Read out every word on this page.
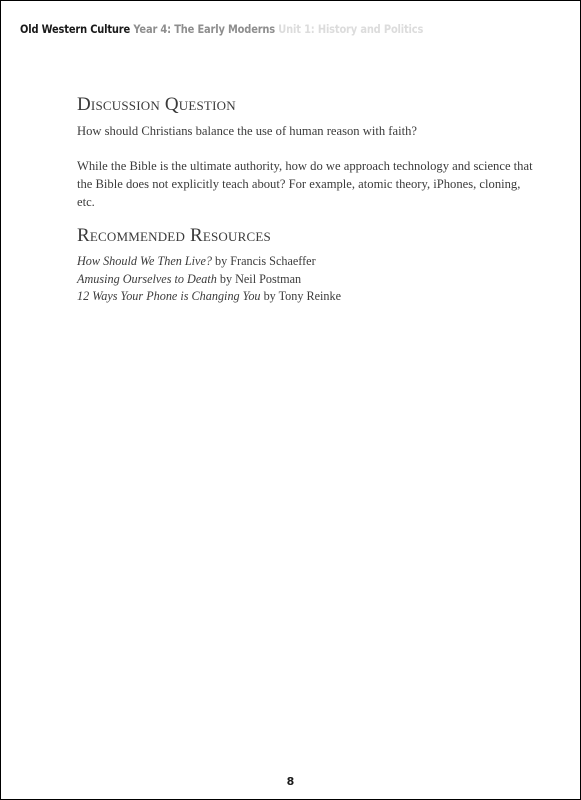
Old Western Culture Year 4: The Early Moderns Unit 1: History and Politics
Discussion Question

How should Christians balance the use of human reason with faith?

While the Bible is the ultimate authority, how do we approach technology and science that the Bible does not explicitly teach about? For example, atomic theory, iPhones, cloning, etc.

Recommended Resources
How Should We Then Live? by Francis Schaeffer
Amusing Ourselves to Death by Neil Postman
12 Ways Your Phone is Changing You by Tony Reinke
8
